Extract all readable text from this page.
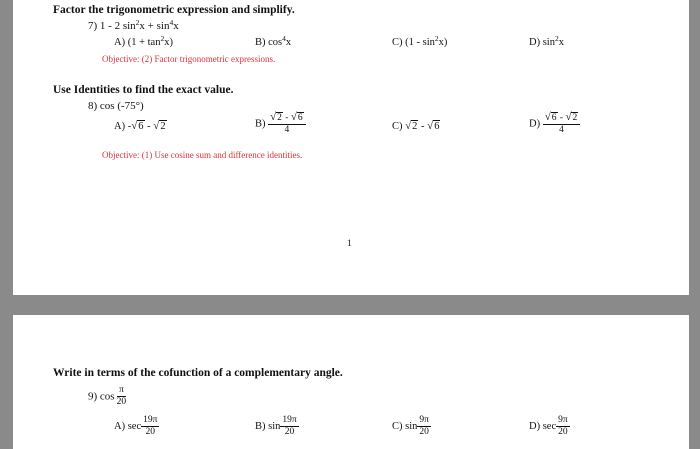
Factor the trigonometric expression and simplify.
7) 1 - 2 $\sin^2x + \sin^4x$
A) $(1 + \tan^2x)$	B) $\cos^4x$	C) $(1 - \sin^2x)$	D) $\sin^2x$
Objective: (2) Factor trigonometric expressions.
Use Identities to find the exact value.
8) cos (-75°)
A) -√6 - √2	$B) \frac{√2 - √6}{4}$	C) √2 - √6	$D) \frac{√6 - √2}{4}$
Objective: (1) Use cosine sum and difference identities.
1
Write in terms of the cofunction of a complementary angle.
9) $\cos \frac{\pi}{20}$
A) $\sec \frac{19\pi}{20}$	B) $\sin \frac{19\pi}{20}$	C) $\sin \frac{9\pi}{20}$	D) $\sec \frac{9\pi}{20}$
